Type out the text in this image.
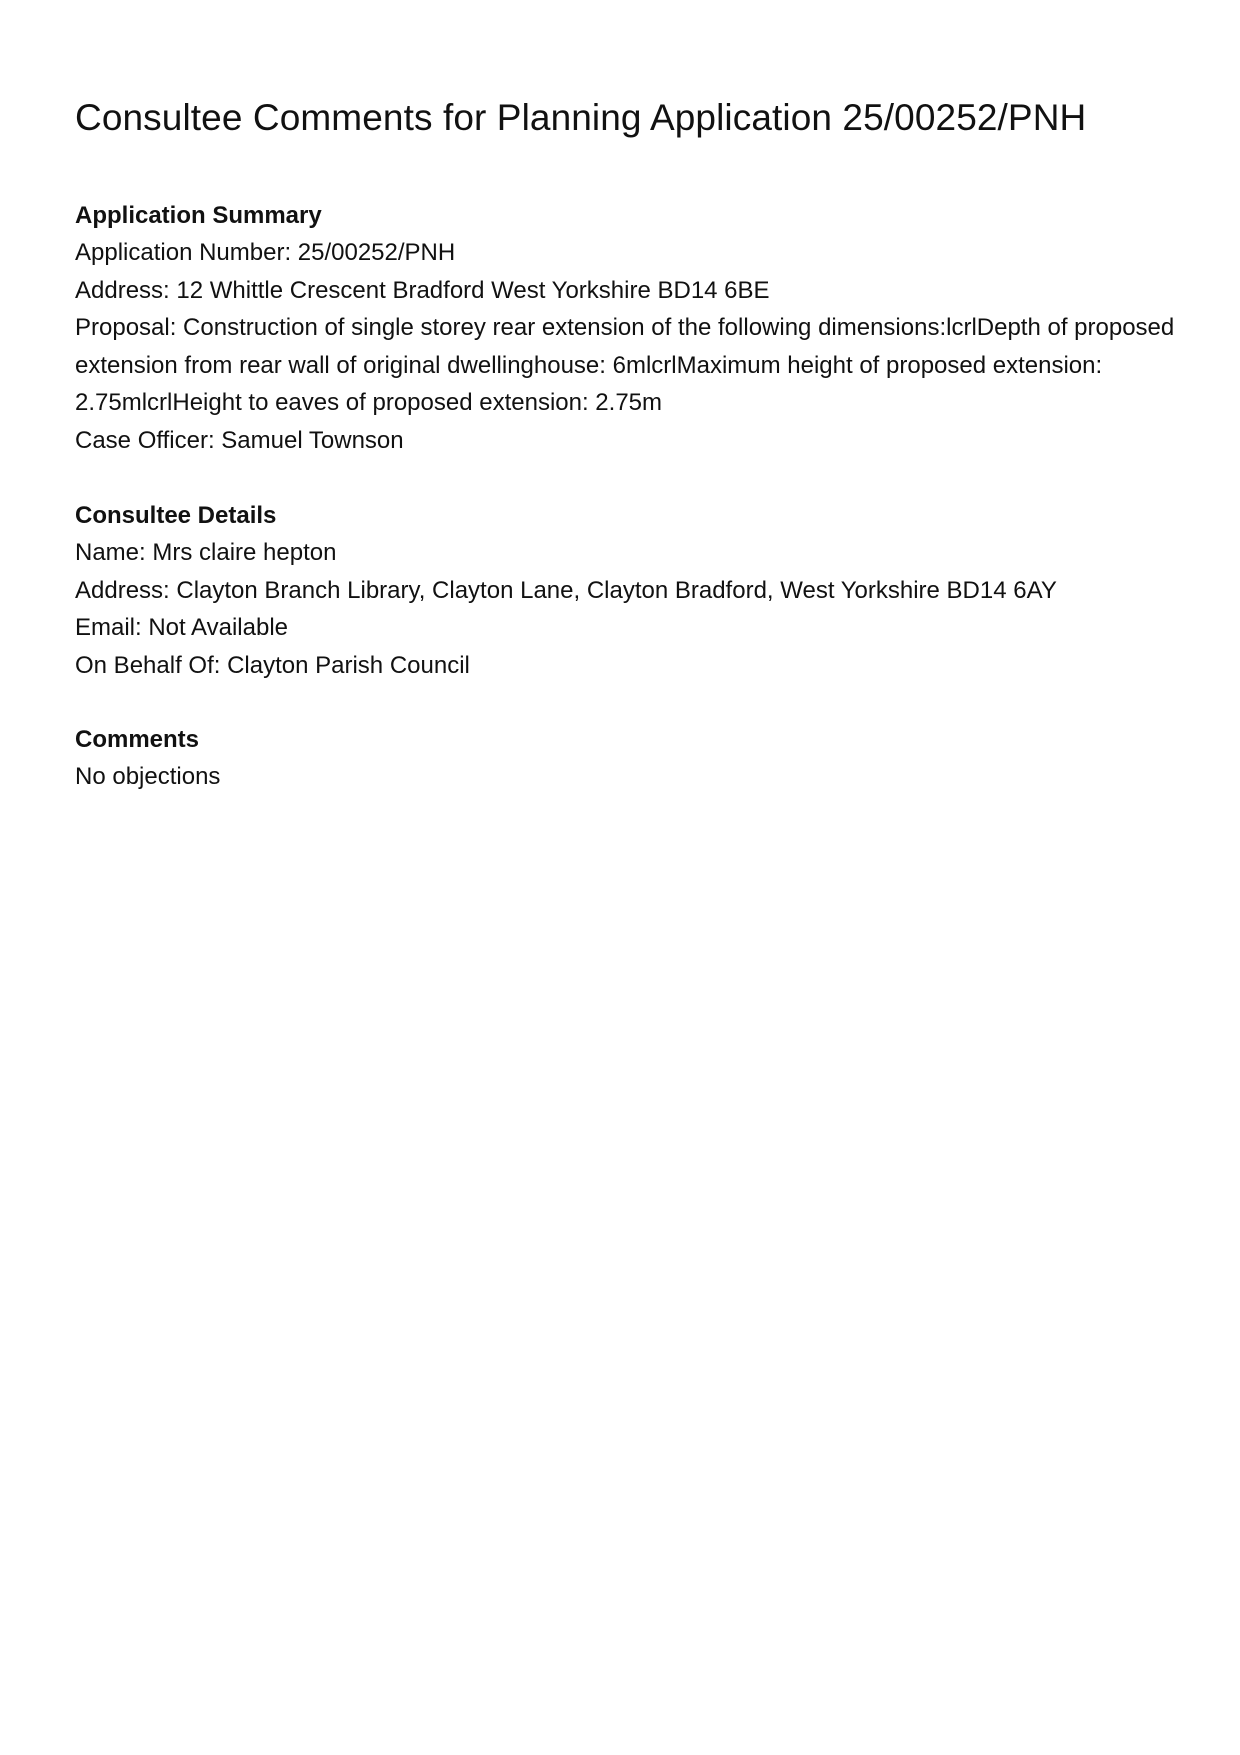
Consultee Comments for Planning Application 25/00252/PNH
Application Summary

Application Number: 25/00252/PNH

Address: 12 Whittle Crescent Bradford West Yorkshire BD14 6BE

Proposal: Construction of single storey rear extension of the following dimensions:lcrlDepth of proposed extension from rear wall of original dwellinghouse: 6mlcrlMaximum height of proposed extension: 2.75mlcrlHeight to eaves of proposed extension: 2.75m

Case Officer: Samuel Townson

Consultee Details

Name: Mrs claire hepton

Address: Clayton Branch Library, Clayton Lane, Clayton Bradford, West Yorkshire BD14 6AY

Email: Not Available

On Behalf Of: Clayton Parish Council

Comments

No objections
